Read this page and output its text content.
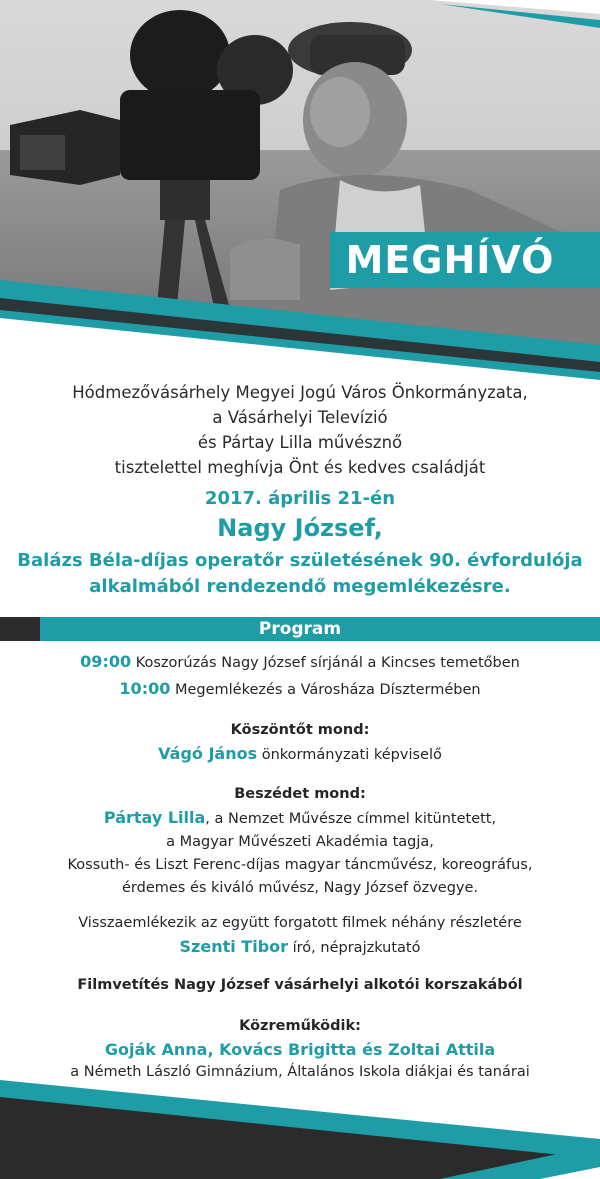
MEGHÍVÓ
Hódmezővásárhely Megyei Jogú Város Önkormányzata,
a Vásárhelyi Televízió
és Pártay Lilla művésznő
tisztelettel meghívja Önt és kedves családját
2017. április 21-én
Nagy József,
Balázs Béla-díjas operatőr születésének 90. évfordulója
alkalmából rendezendő megemlékezésre.
Program
09:00 Koszorúzás Nagy József sírjánál a Kincses temetőben
10:00 Megemlékezés a Városháza Dísztermében
Köszöntőt mond:
Vágó János önkormányzati képviselő
Beszédet mond:
Pártay Lilla, a Nemzet Művésze címmel kitüntetett,
a Magyar Művészeti Akadémia tagja,
Kossuth- és Liszt Ferenc-díjas magyar táncművész, koreográfus,
érdemes és kiváló művész, Nagy József özvegye.
Visszaemlékezik az együtt forgatott filmek néhány részletére
Szenti Tibor író, néprajzkutató
Filmvetítés Nagy József vásárhelyi alkotói korszakából
Közreműködik:
Goják Anna, Kovács Brigitta és Zoltai Attila
a Németh László Gimnázium, Általános Iskola diákjai és tanárai
